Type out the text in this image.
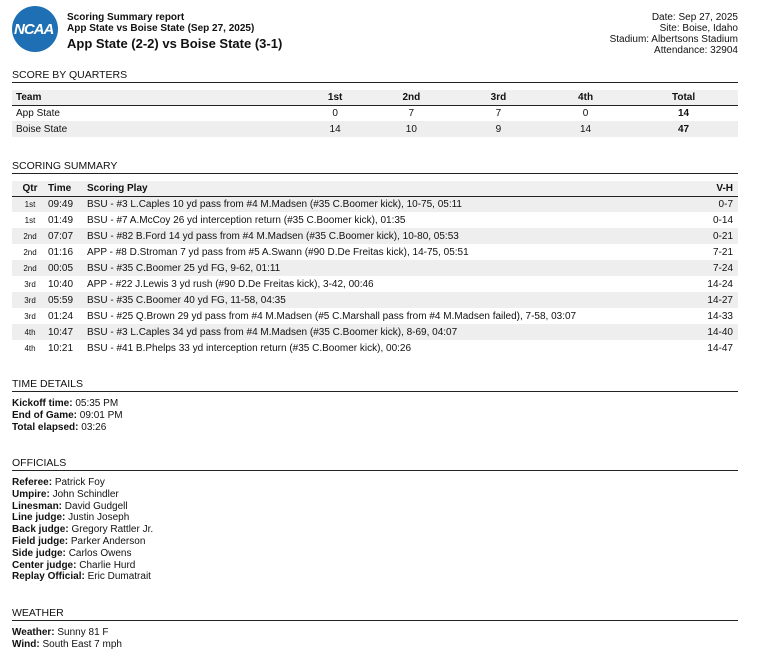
NCAA
Scoring Summary report
App State vs Boise State (Sep 27, 2025)
App State (2-2) vs Boise State (3-1)
Date: Sep 27, 2025
Site: Boise, Idaho
Stadium: Albertsons Stadium
Attendance: 32904
SCORE BY QUARTERS
Team	1st	2nd	3rd	4th	Total
App State	0	7	7	0	14
Boise State	14	10	9	14	47
SCORING SUMMARY
Qtr	Time	Scoring Play	V-H
1st	09:49	BSU - #3 L.Caples 10 yd pass from #4 M.Madsen (#35 C.Boomer kick), 10-75, 05:11	0-7
1st	01:49	BSU - #7 A.McCoy 26 yd interception return (#35 C.Boomer kick), 01:35	0-14
2nd	07:07	BSU - #82 B.Ford 14 yd pass from #4 M.Madsen (#35 C.Boomer kick), 10-80, 05:53	0-21
2nd	01:16	APP - #8 D.Stroman 7 yd pass from #5 A.Swann (#90 D.De Freitas kick), 14-75, 05:51	7-21
2nd	00:05	BSU - #35 C.Boomer 25 yd FG, 9-62, 01:11	7-24
3rd	10:40	APP - #22 J.Lewis 3 yd rush (#90 D.De Freitas kick), 3-42, 00:46	14-24
3rd	05:59	BSU - #35 C.Boomer 40 yd FG, 11-58, 04:35	14-27
3rd	01:24	BSU - #25 Q.Brown 29 yd pass from #4 M.Madsen (#5 C.Marshall pass from #4 M.Madsen failed), 7-58, 03:07	14-33
4th	10:47	BSU - #3 L.Caples 34 yd pass from #4 M.Madsen (#35 C.Boomer kick), 8-69, 04:07	14-40
4th	10:21	BSU - #41 B.Phelps 33 yd interception return (#35 C.Boomer kick), 00:26	14-47
TIME DETAILS
Kickoff time: 05:35 PM
End of Game: 09:01 PM
Total elapsed: 03:26
OFFICIALS
Referee: Patrick Foy
Umpire: John Schindler
Linesman: David Gudgell
Line judge: Justin Joseph
Back judge: Gregory Rattler Jr.
Field judge: Parker Anderson
Side judge: Carlos Owens
Center judge: Charlie Hurd
Replay Official: Eric Dumatrait
WEATHER
Weather: Sunny 81 F
Wind: South East 7 mph
